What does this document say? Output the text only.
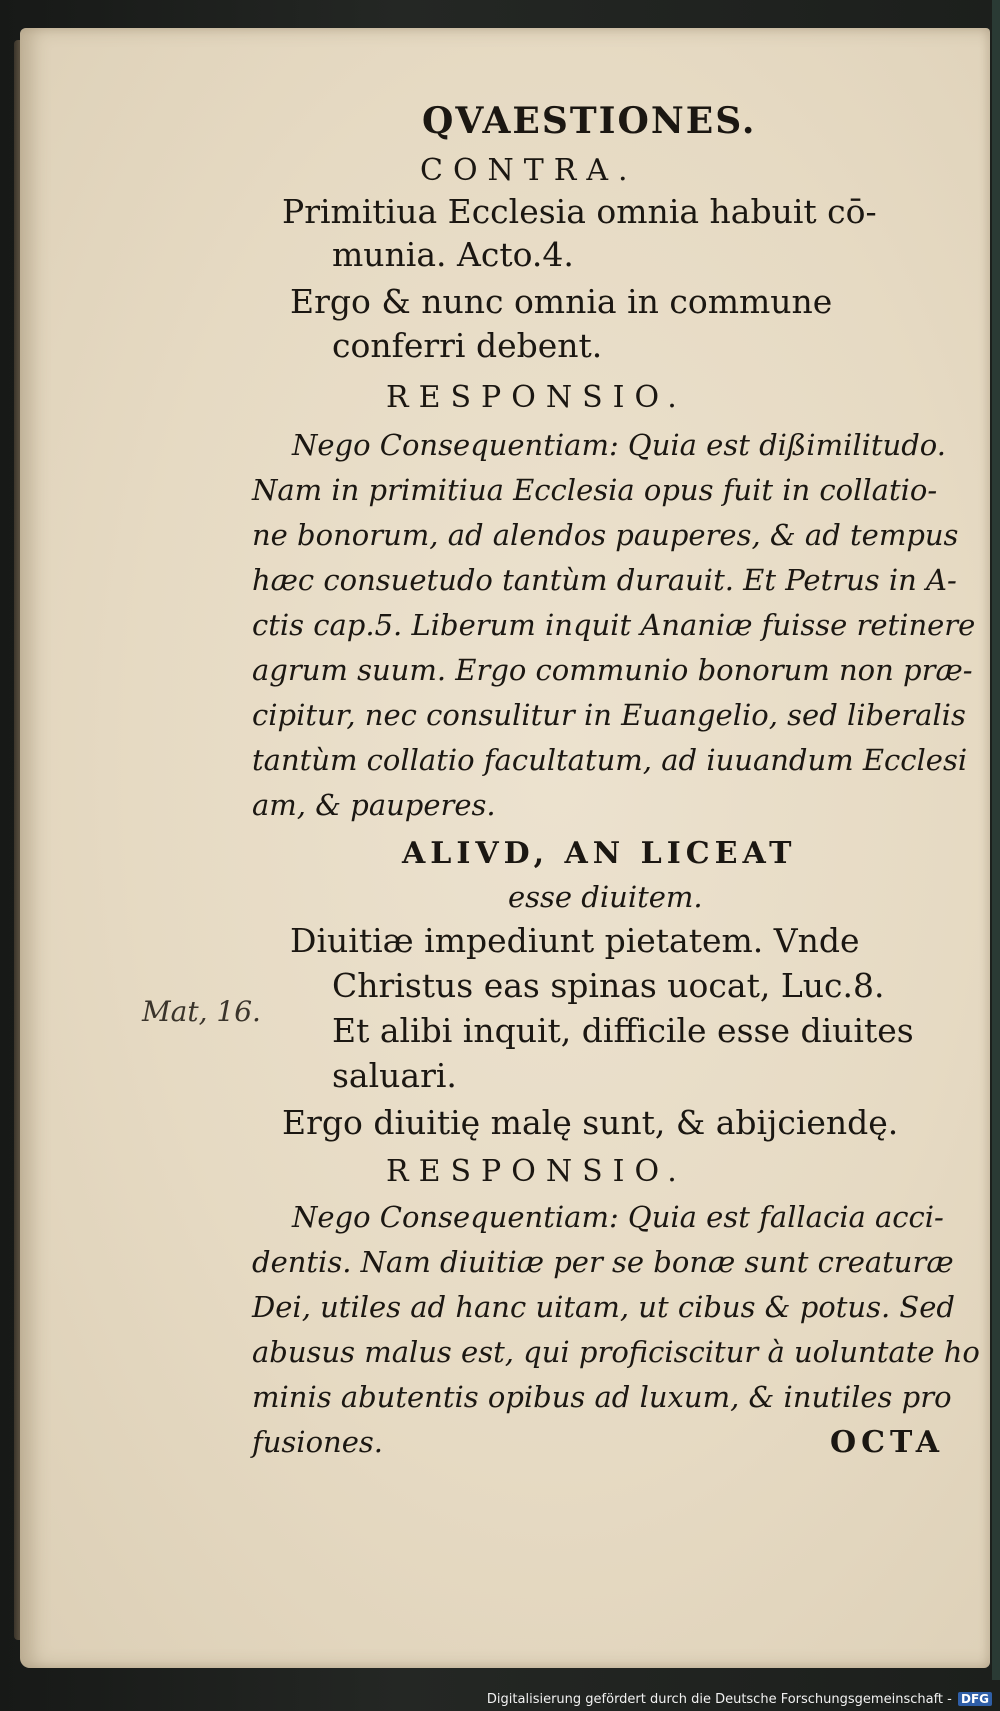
QVAESTIONES.
CONTRA.
Primitiua Ecclesia omnia habuit cō-
munia. Acto.4.
Ergo & nunc omnia in commune
conferri debent.
RESPONSIO.
Nego Consequentiam: Quia est dißimilitudo.
Nam in primitiua Ecclesia opus fuit in collatio-
ne bonorum, ad alendos pauperes, & ad tempus
hæc consuetudo tantùm durauit. Et Petrus in A-
ctis cap.5. Liberum inquit Ananiæ fuisse retinere
agrum suum. Ergo communio bonorum non præ-
cipitur, nec consulitur in Euangelio, sed liberalis
tantùm collatio facultatum, ad iuuandum Ecclesi
am, & pauperes.
ALIVD, AN LICEAT
esse diuitem.
Diuitiæ impediunt pietatem. Vnde
Christus eas spinas uocat, Luc.8.
Et alibi inquit, difficile esse diuites
saluari.
Ergo diuitię malę sunt, & abijciendę.
Mat, 16.
RESPONSIO.
Nego Consequentiam: Quia est fallacia acci-
dentis. Nam diuitiæ per se bonæ sunt creaturæ
Dei, utiles ad hanc uitam, ut cibus & potus. Sed
abusus malus est, qui proficiscitur à uoluntate ho
minis abutentis opibus ad luxum, & inutiles pro
fusiones.	OCTA
Digitalisierung gefördert durch die Deutsche Forschungsgemeinschaft - DFG
